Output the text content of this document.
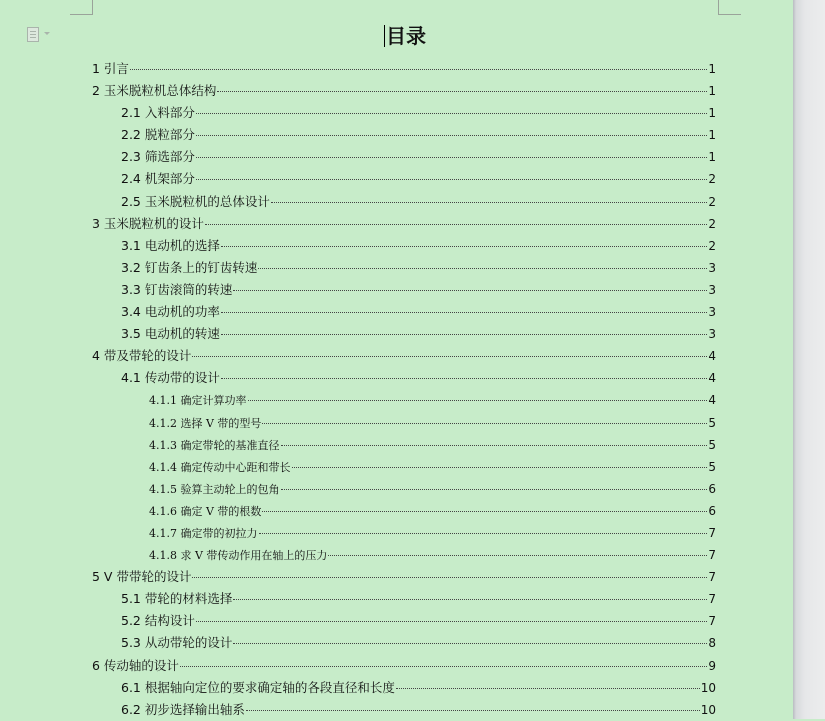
目录
1 引言	1
2 玉米脱粒机总体结构	1
2.1 入料部分	1
2.2 脱粒部分	1
2.3 筛选部分	1
2.4 机架部分	2
2.5 玉米脱粒机的总体设计	2
3 玉米脱粒机的设计	2
3.1 电动机的选择	2
3.2 钉齿条上的钉齿转速	3
3.3 钉齿滚筒的转速	3
3.4 电动机的功率	3
3.5 电动机的转速	3
4 带及带轮的设计	4
4.1 传动带的设计	4
4.1.1 确定计算功率	4
4.1.2 选择 V 带的型号	5
4.1.3 确定带轮的基准直径	5
4.1.4 确定传动中心距和带长	5
4.1.5 验算主动轮上的包角	6
4.1.6 确定 V 带的根数	6
4.1.7 确定带的初拉力	7
4.1.8 求 V 带传动作用在轴上的压力	7
5 V 带带轮的设计	7
5.1 带轮的材料选择	7
5.2 结构设计	7
5.3 从动带轮的设计	8
6 传动轴的设计	9
6.1 根据轴向定位的要求确定轴的各段直径和长度	10
6.2 初步选择输出轴系	10
